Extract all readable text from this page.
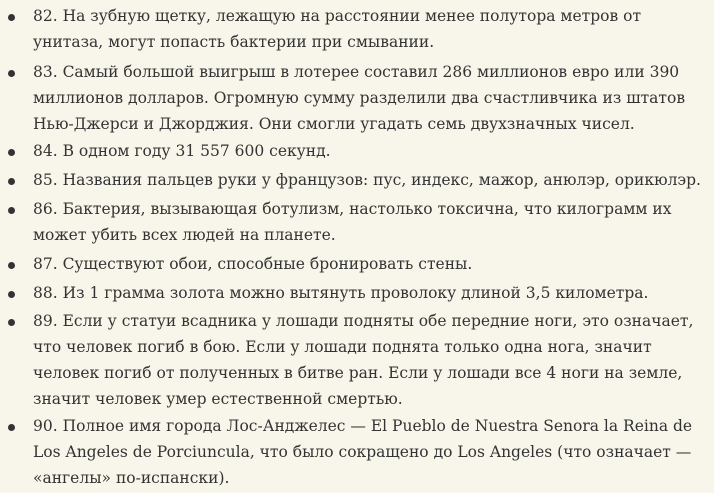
82. На зубную щетку, лежащую на расстоянии менее полутора метров от
унитаза, могут попасть бактерии при смывании.
83. Самый большой выигрыш в лотерее составил 286 миллионов евро или 390
миллионов долларов. Огромную сумму разделили два счастливчика из штатов
Нью-Джерси и Джорджия. Они смогли угадать семь двухзначных чисел.
84. В одном году 31 557 600 секунд.
85. Названия пальцев руки у французов: пус, индекс, мажор, анюлэр, орикюлэр.
86. Бактерия, вызывающая ботулизм, настолько токсична, что килограмм их
может убить всех людей на планете.
87. Существуют обои, способные бронировать стены.
88. Из 1 грамма золота можно вытянуть проволоку длиной 3,5 километра.
89. Если у статуи всадника у лошади подняты обе передние ноги, это означает,
что человек погиб в бою. Если у лошади поднята только одна нога, значит
человек погиб от полученных в битве ран. Если у лошади все 4 ноги на земле,
значит человек умер естественной смертью.
90. Полное имя города Лос-Анджелес — El Pueblo de Nuestra Senora la Reina de
Los Angeles de Porciuncula, что было сокращено до Los Angeles (что означает —
«ангелы» по-испански).
